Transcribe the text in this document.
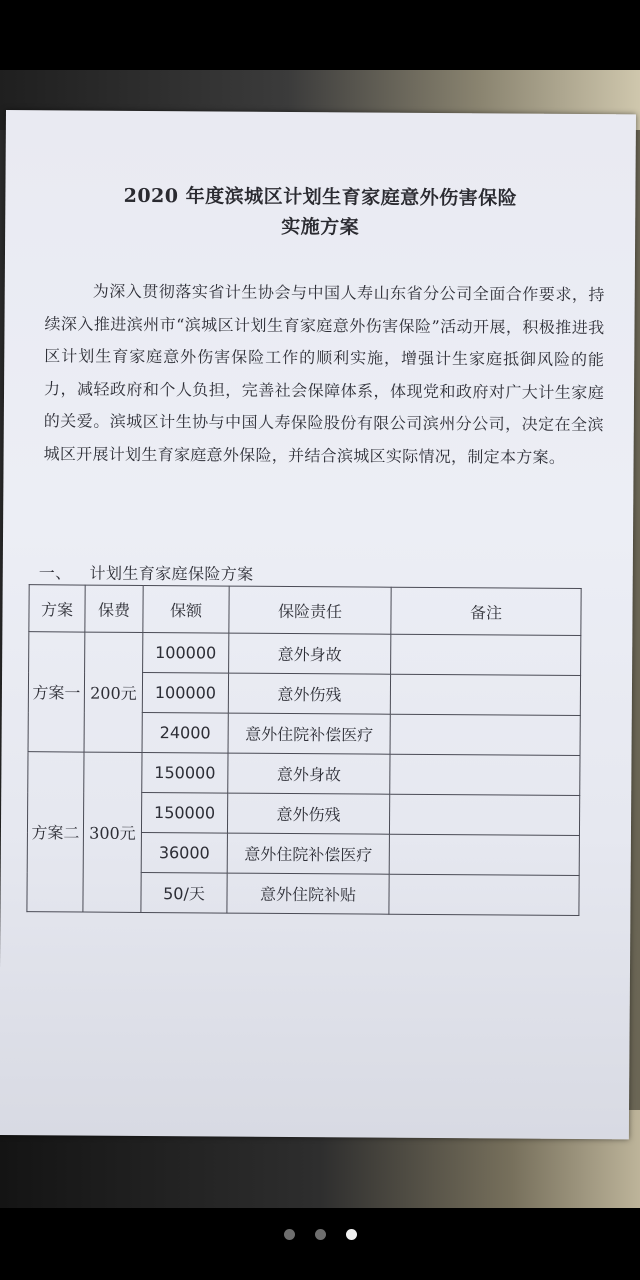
2020 年度滨城区计划生育家庭意外伤害保险
实施方案
为深入贯彻落实省计生协会与中国人寿山东省分公司全面合作要求，持续深入推进滨州市“滨城区计划生育家庭意外伤害保险”活动开展，积极推进我区计划生育家庭意外伤害保险工作的顺利实施，增强计生家庭抵御风险的能力，减轻政府和个人负担，完善社会保障体系，体现党和政府对广大计生家庭的关爱。滨城区计生协与中国人寿保险股份有限公司滨州分公司，决定在全滨城区开展计划生育家庭意外保险，并结合滨城区实际情况，制定本方案。
一、 计划生育家庭保险方案
方案	保费	保额	保险责任	备注
方案一	200元	100000	意外身故	
		100000	意外伤残	
		24000	意外住院补偿医疗	
方案二	300元	150000	意外身故	
		150000	意外伤残	
		36000	意外住院补偿医疗	
		50/天	意外住院补贴	
